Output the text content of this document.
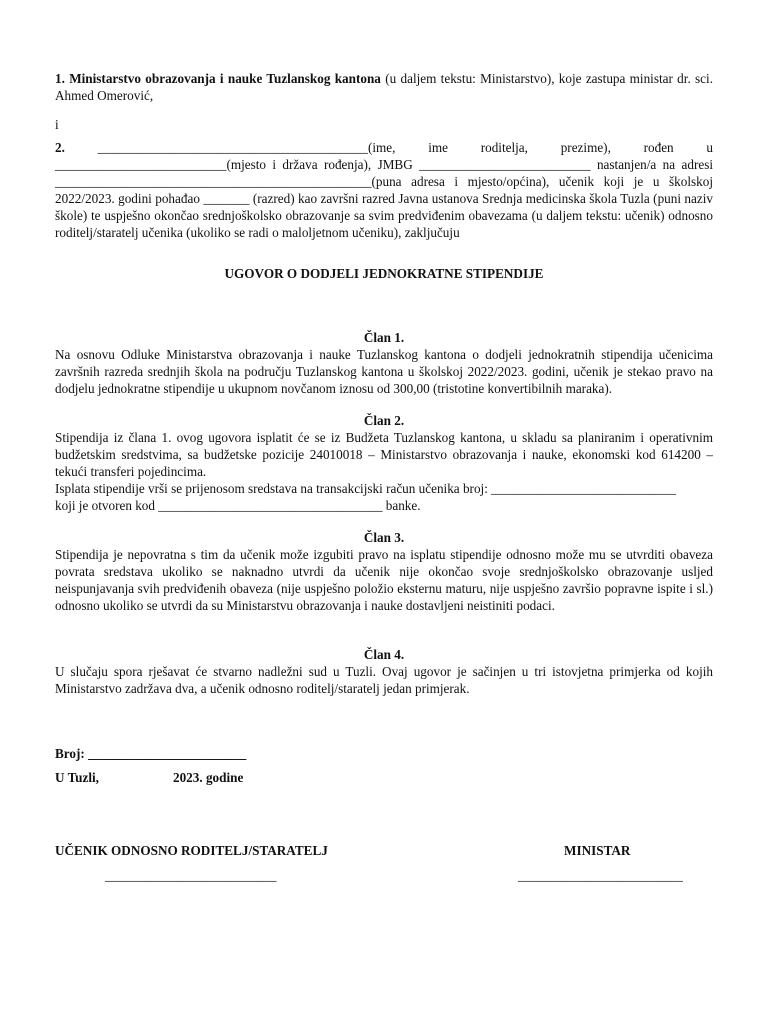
1. Ministarstvo obrazovanja i nauke Tuzlanskog kantona (u daljem tekstu: Ministarstvo), koje zastupa ministar dr. sci. Ahmed Omerović,

i

2. _________________________________________(ime, ime roditelja, prezime), rođen u __________________________(mjesto i država rođenja), JMBG __________________________ nastanjen/a na adresi ________________________________________________(puna adresa i mjesto/općina), učenik koji je u školskoj 2022/2023. godini pohađao _______ (razred) kao završni razred Javna ustanova Srednja medicinska škola Tuzla (puni naziv škole) te uspješno okončao srednjoškolsko obrazovanje sa svim predviđenim obavezama (u daljem tekstu: učenik) odnosno roditelj/staratelj učenika (ukoliko se radi o maloljetnom učeniku), zaključuju

UGOVOR O DODJELI JEDNOKRATNE STIPENDIJE

Član 1.

Na osnovu Odluke Ministarstva obrazovanja i nauke Tuzlanskog kantona o dodjeli jednokratnih stipendija učenicima završnih razreda srednjih škola na području Tuzlanskog kantona u školskoj 2022/2023. godini, učenik je stekao pravo na dodjelu jednokratne stipendije u ukupnom novčanom iznosu od 300,00 (tristotine konvertibilnih maraka).

Član 2.

Stipendija iz člana 1. ovog ugovora isplatit će se iz Budžeta Tuzlanskog kantona, u skladu sa planiranim i operativnim budžetskim sredstvima, sa budžetske pozicije 24010018 – Ministarstvo obrazovanja i nauke, ekonomski kod 614200 – tekući transferi pojedincima.

Isplata stipendije vrši se prijenosom sredstava na transakcijski račun učenika broj: ____________________________

koji je otvoren kod __________________________________ banke.

Član 3.

Stipendija je nepovratna s tim da učenik može izgubiti pravo na isplatu stipendije odnosno može mu se utvrditi obaveza povrata sredstava ukoliko se naknadno utvrdi da učenik nije okončao svoje srednjoškolsko obrazovanje usljed neispunjavanja svih predviđenih obaveza (nije uspješno položio eksternu maturu, nije uspješno završio popravne ispite i sl.) odnosno ukoliko se utvrdi da su Ministarstvu obrazovanja i nauke dostavljeni neistiniti podaci.

Član 4.

U slučaju spora rješavat će stvarno nadležni sud u Tuzli. Ovaj ugovor je sačinjen u tri istovjetna primjerka od kojih Ministarstvo zadržava dva, a učenik odnosno roditelj/staratelj jedan primjerak.

Broj: ________________________

U Tuzli,	2023. godine

UČENIK ODNOSNO RODITELJ/STARATELJ	MINISTAR
__________________________	_________________________
